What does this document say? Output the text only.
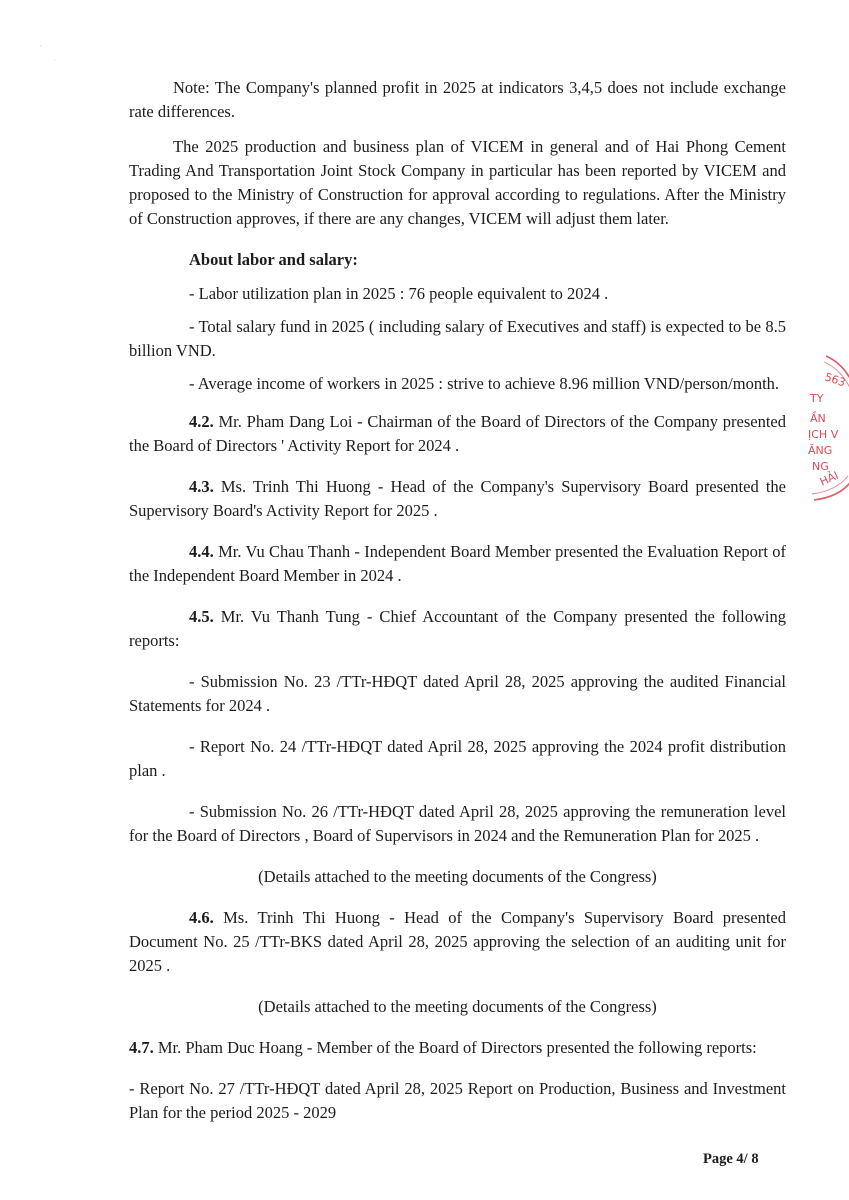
Note: The Company's planned profit in 2025 at indicators 3,4,5 does not include exchange rate differences.

The 2025 production and business plan of VICEM in general and of Hai Phong Cement Trading And Transportation Joint Stock Company in particular has been reported by VICEM and proposed to the Ministry of Construction for approval according to regulations. After the Ministry of Construction approves, if there are any changes, VICEM will adjust them later.

About labor and salary:

- Labor utilization plan in 2025 : 76 people equivalent to 2024 .

- Total salary fund in 2025 ( including salary of Executives and staff) is expected to be 8.5 billion VND.

- Average income of workers in 2025 : strive to achieve 8.96 million VND/person/month.

4.2. Mr. Pham Dang Loi - Chairman of the Board of Directors of the Company presented the Board of Directors ' Activity Report for 2024 .

4.3. Ms. Trinh Thi Huong - Head of the Company's Supervisory Board presented the Supervisory Board's Activity Report for 2025 .

4.4. Mr. Vu Chau Thanh - Independent Board Member presented the Evaluation Report of the Independent Board Member in 2024 .

4.5. Mr. Vu Thanh Tung - Chief Accountant of the Company presented the following reports:

- Submission No. 23 /TTr-HĐQT dated April 28, 2025 approving the audited Financial Statements for 2024 .

- Report No. 24 /TTr-HĐQT dated April 28, 2025 approving the 2024 profit distribution plan .

- Submission No. 26 /TTr-HĐQT dated April 28, 2025 approving the remuneration level for the Board of Directors , Board of Supervisors in 2024 and the Remuneration Plan for 2025 .

(Details attached to the meeting documents of the Congress)

4.6. Ms. Trinh Thi Huong - Head of the Company's Supervisory Board presented Document No. 25 /TTr-BKS dated April 28, 2025 approving the selection of an auditing unit for 2025 .

(Details attached to the meeting documents of the Congress)

4.7. Mr. Pham Duc Hoang - Member of the Board of Directors presented the following reports:

- Report No. 27 /TTr-HĐQT dated April 28, 2025 Report on Production, Business and Investment Plan for the period 2025 - 2029

563
TY
ẦN
ỊCH V
ĂNG
NG
HẢI
Page 4/ 8
